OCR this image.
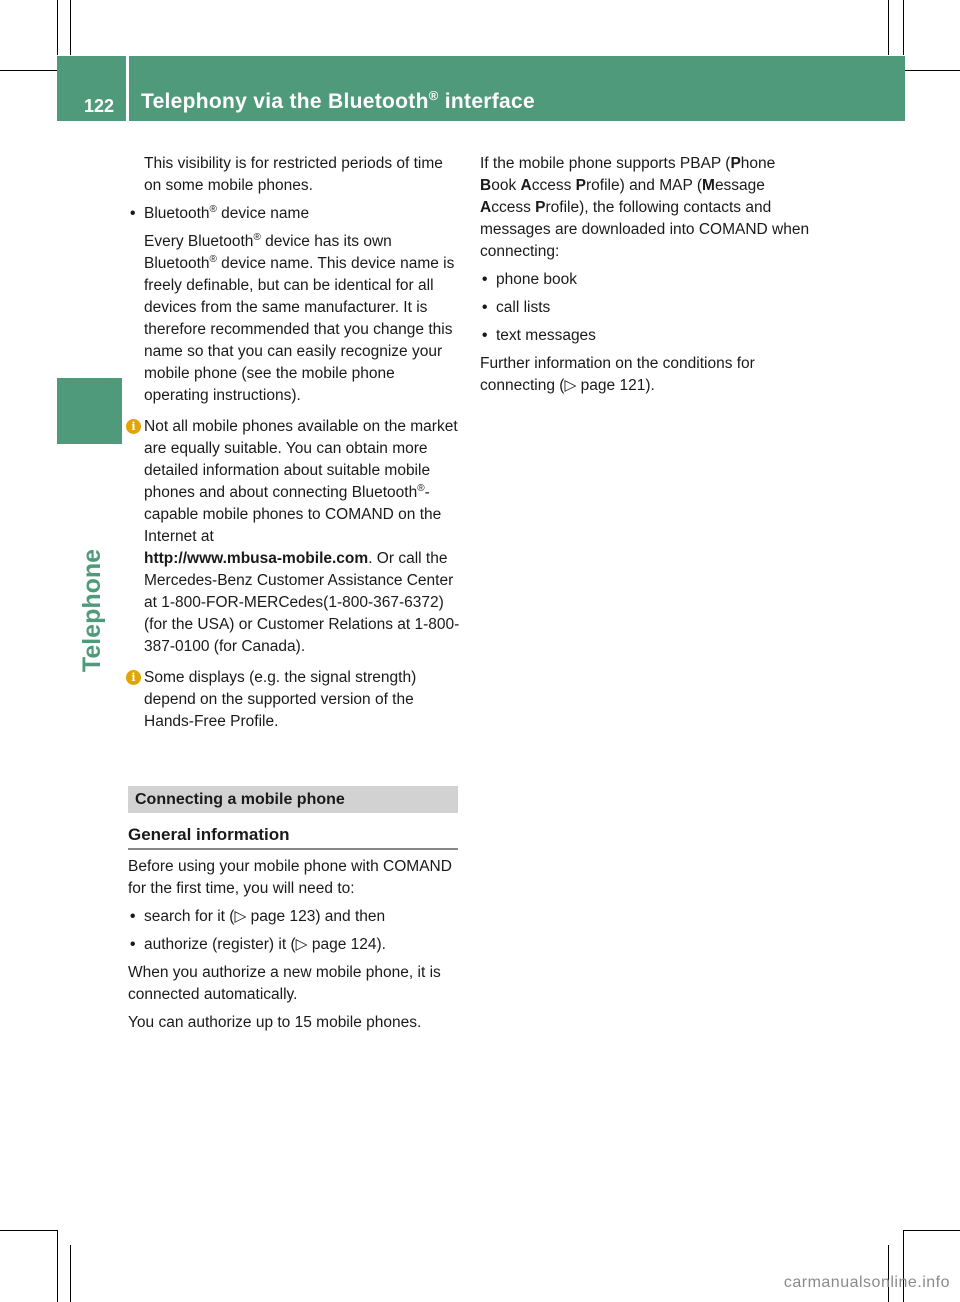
122 Telephony via the Bluetooth® interface
Telephone

This visibility is for restricted periods of time on some mobile phones.

• Bluetooth® device name

Every Bluetooth® device has its own Bluetooth® device name. This device name is freely definable, but can be identical for all devices from the same manufacturer. It is therefore recommended that you change this name so that you can easily recognize your mobile phone (see the mobile phone operating instructions).

i Not all mobile phones available on the market are equally suitable. You can obtain more detailed information about suitable mobile phones and about connecting Bluetooth®-capable mobile phones to COMAND on the Internet at
http://www.mbusa-mobile.com. Or call the Mercedes-Benz Customer Assistance Center at 1-800-FOR-MERCedes(1-800-367-6372) (for the USA) or Customer Relations at 1-800-387-0100 (for Canada).

i Some displays (e.g. the signal strength) depend on the supported version of the Hands-Free Profile.

Connecting a mobile phone
General information

Before using your mobile phone with COMAND for the first time, you will need to:

• search for it (▷ page 123) and then

• authorize (register) it (▷ page 124).

When you authorize a new mobile phone, it is connected automatically.

You can authorize up to 15 mobile phones.

If the mobile phone supports PBAP (Phone Book Access Profile) and MAP (Message Access Profile), the following contacts and messages are downloaded into COMAND when connecting:

• phone book

• call lists

• text messages

Further information on the conditions for connecting (▷ page 121).

carmanualsonline.info
